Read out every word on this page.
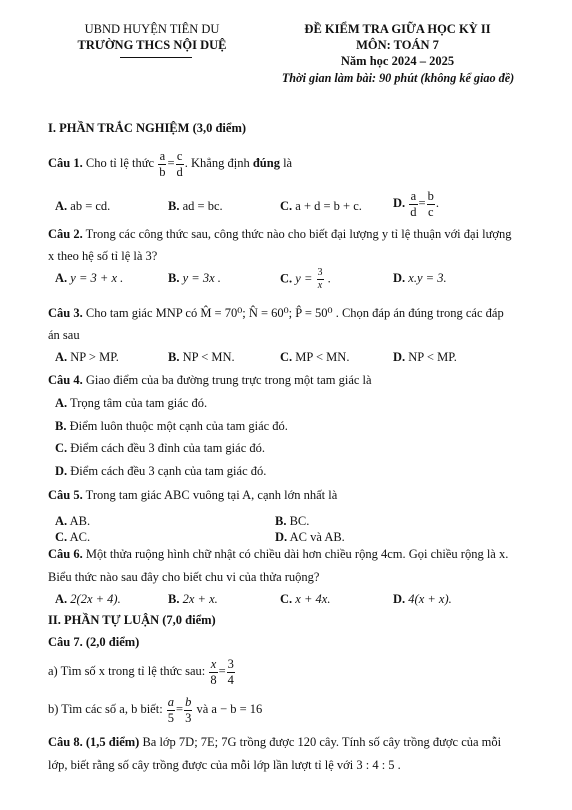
UBND HUYỆN TIÊN DU
TRƯỜNG THCS NỘI DUỆ
ĐỀ KIỂM TRA GIỮA HỌC KỲ II
MÔN: TOÁN 7
Năm học 2024 – 2025
Thời gian làm bài: 90 phút (không kể giao đề)
I. PHẦN TRẮC NGHIỆM (3,0 điểm)
Câu 1. Cho tỉ lệ thức $\frac{a}{b} = \frac{c}{d}$ . Khẳng định đúng là
A. ab = cd.	B. ad = bc.	C. a + d = b + c. D. $\frac{a}{d} = \frac{b}{c}$ .
Câu 2. Trong các công thức sau, công thức nào cho biết đại lượng y tỉ lệ thuận với đại lượng
x theo hệ số tỉ lệ là 3?
A. y = 3 + x .	B. y = 3x .	C. $y = \frac{3}{x}$ .	D. x.y = 3.
Câu 3. Cho tam giác MNP có M̂ = 70⁰; N̂ = 60⁰; P̂ = 50⁰ . Chọn đáp án đúng trong các đáp
án sau
A. NP > MP.	B. NP < MN.	C. MP < MN.	D. NP < MP.
Câu 4. Giao điểm của ba đường trung trực trong một tam giác là
A. Trọng tâm của tam giác đó.
B. Điểm luôn thuộc một cạnh của tam giác đó.
C. Điểm cách đều 3 đỉnh của tam giác đó.
D. Điểm cách đều 3 cạnh của tam giác đó.
Câu 5. Trong tam giác ABC vuông tại A, cạnh lớn nhất là
A. AB.	B. BC.
C. AC.	D. AC và AB.
Câu 6. Một thửa ruộng hình chữ nhật có chiều dài hơn chiều rộng 4cm. Gọi chiều rộng là x.
Biểu thức nào sau đây cho biết chu vi của thửa ruộng?
A. 2(2x + 4).	B. 2x + x.	C. x + 4x.	D. 4(x + x).
II. PHẦN TỰ LUẬN (7,0 điểm)
Câu 7. (2,0 điểm)
a) Tìm số x trong tỉ lệ thức sau: $\frac{x}{8} = \frac{3}{4}$
b) Tìm các số a, b biết: $\frac{a}{5} = \frac{b}{3}$ và a − b = 16
Câu 8. (1,5 điểm) Ba lớp 7D; 7E; 7G trồng được 120 cây. Tính số cây trồng được của mỗi
lớp, biết rằng số cây trồng được của mỗi lớp lần lượt tỉ lệ với 3 : 4 : 5 .
